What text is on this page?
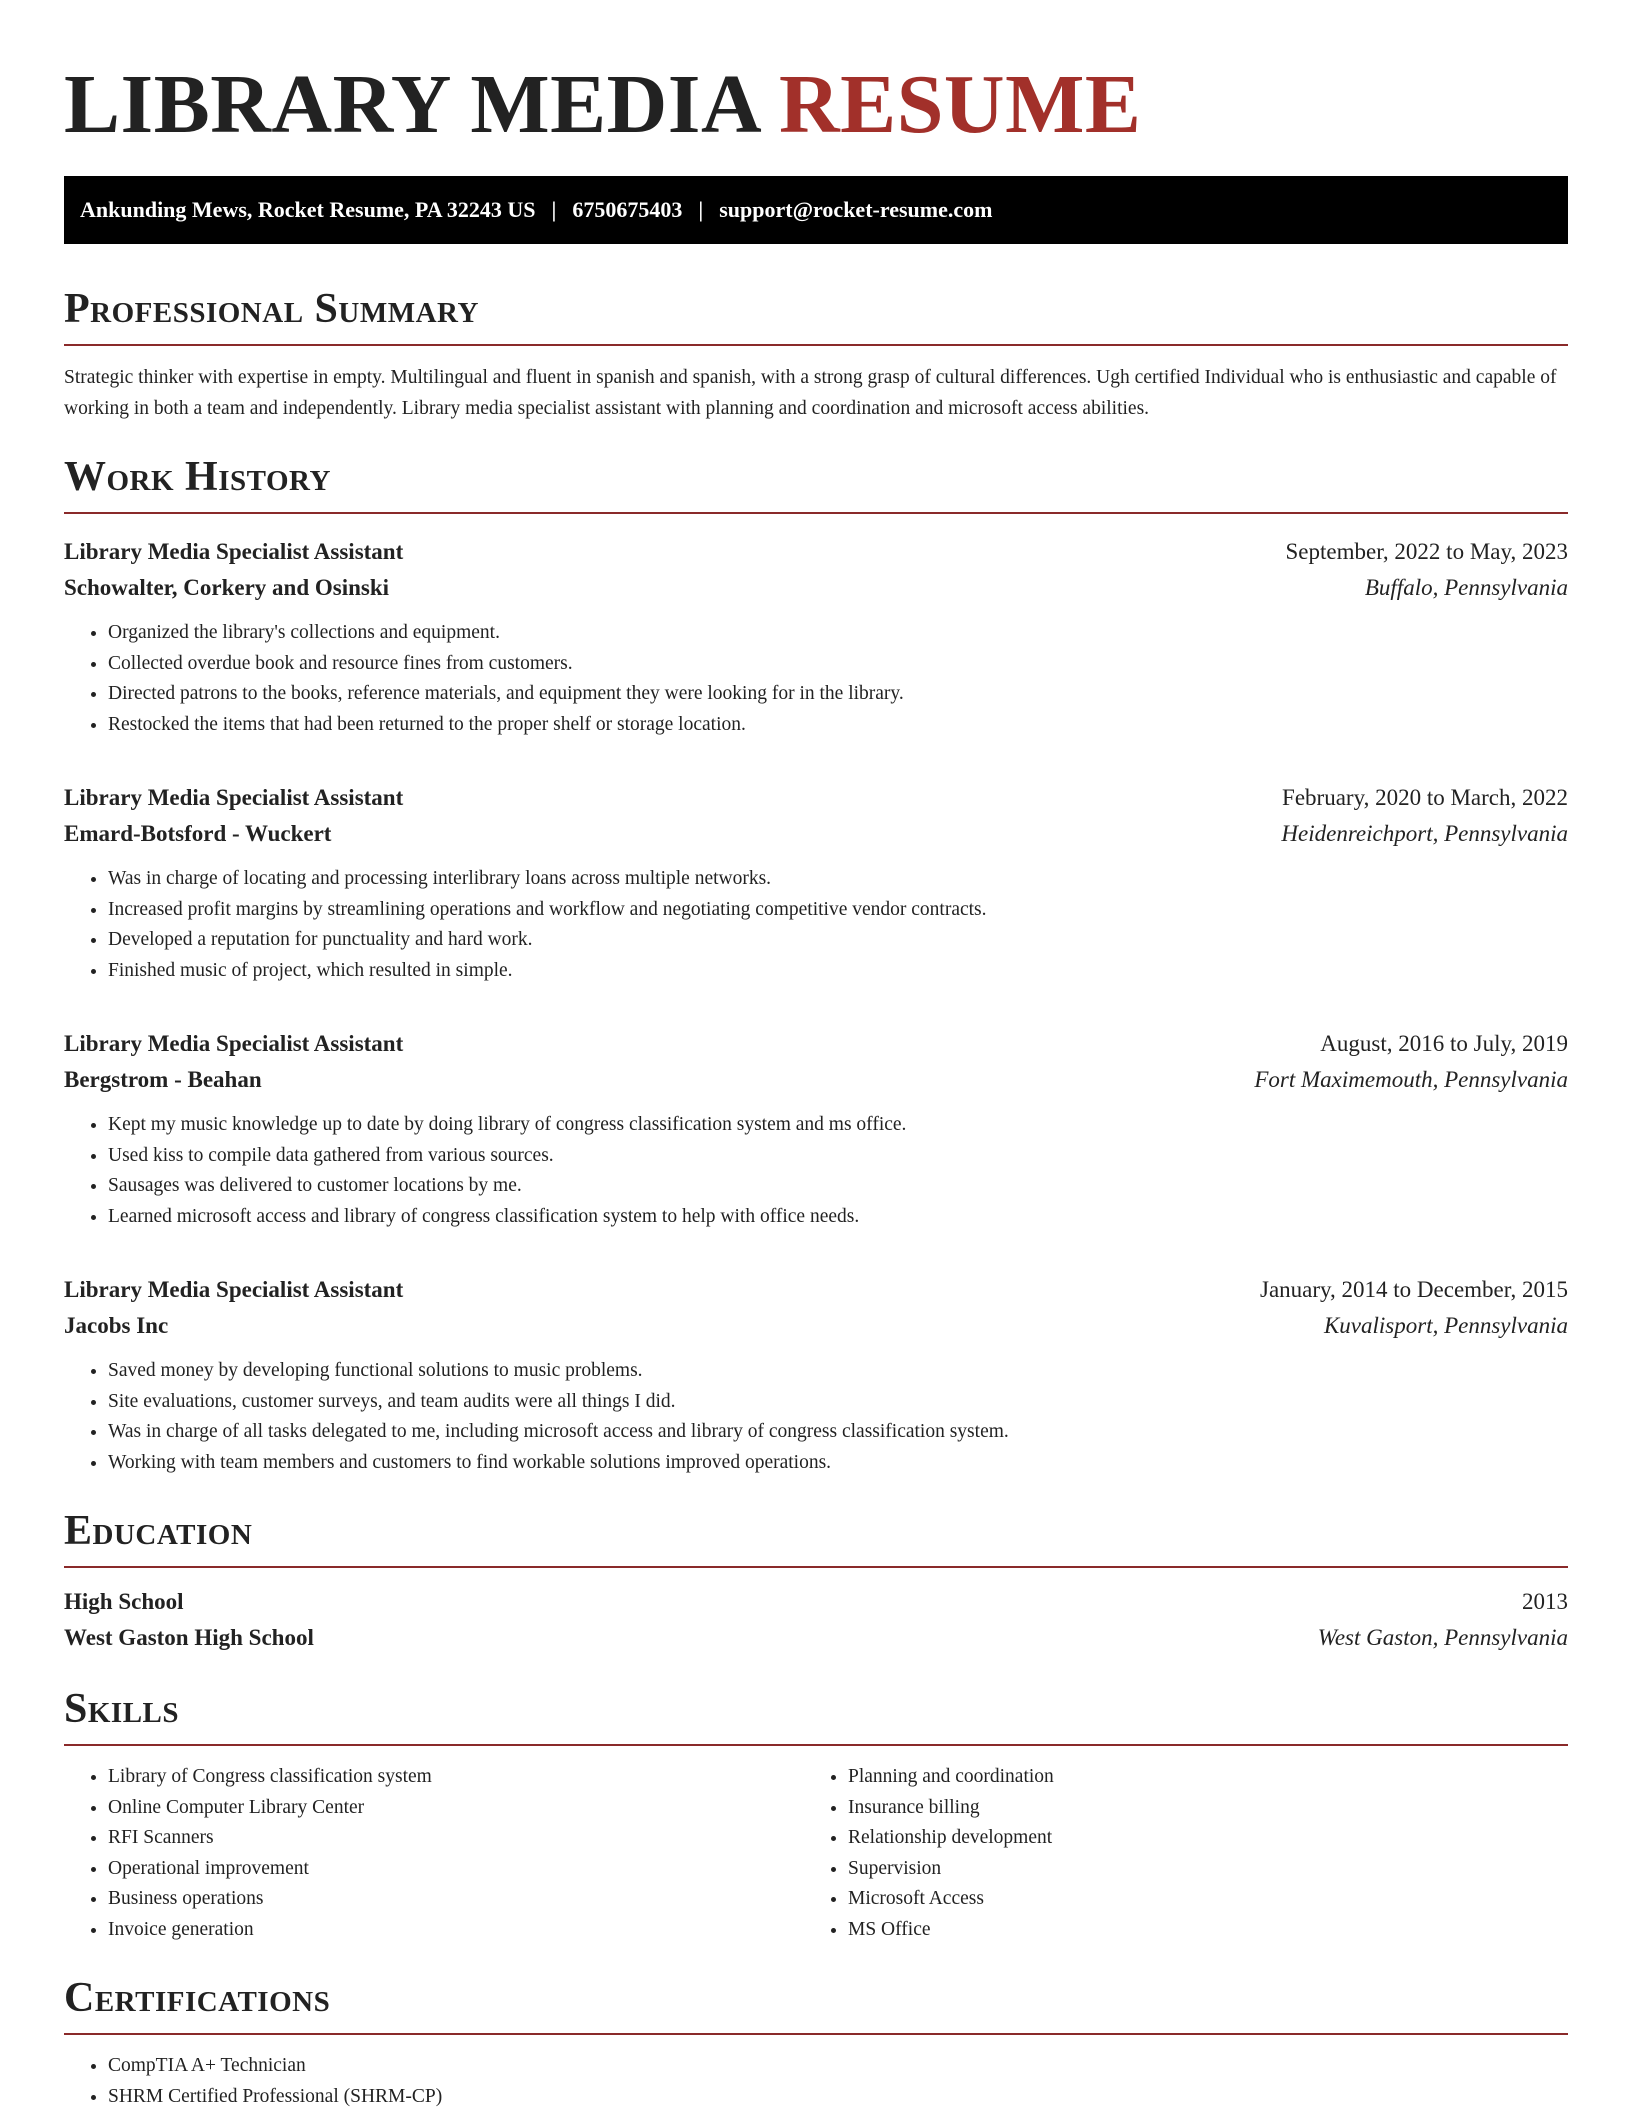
LIBRARY MEDIA RESUME
Ankunding Mews, Rocket Resume, PA 32243 US | 6750675403 | support@rocket-resume.com
Professional Summary

Strategic thinker with expertise in empty. Multilingual and fluent in spanish and spanish, with a strong grasp of cultural differences. Ugh certified Individual who is enthusiastic and capable of working in both a team and independently. Library media specialist assistant with planning and coordination and microsoft access abilities.

Work History
Library Media Specialist Assistant	September, 2022 to May, 2023
Schowalter, Corkery and Osinski	Buffalo, Pennsylvania
• Organized the library's collections and equipment.
• Collected overdue book and resource fines from customers.
• Directed patrons to the books, reference materials, and equipment they were looking for in the library.
• Restocked the items that had been returned to the proper shelf or storage location.
Library Media Specialist Assistant	February, 2020 to March, 2022
Emard-Botsford - Wuckert	Heidenreichport, Pennsylvania
• Was in charge of locating and processing interlibrary loans across multiple networks.
• Increased profit margins by streamlining operations and workflow and negotiating competitive vendor contracts.
• Developed a reputation for punctuality and hard work.
• Finished music of project, which resulted in simple.
Library Media Specialist Assistant	August, 2016 to July, 2019
Bergstrom - Beahan	Fort Maximemouth, Pennsylvania
• Kept my music knowledge up to date by doing library of congress classification system and ms office.
• Used kiss to compile data gathered from various sources.
• Sausages was delivered to customer locations by me.
• Learned microsoft access and library of congress classification system to help with office needs.
Library Media Specialist Assistant	January, 2014 to December, 2015
Jacobs Inc	Kuvalisport, Pennsylvania
• Saved money by developing functional solutions to music problems.
• Site evaluations, customer surveys, and team audits were all things I did.
• Was in charge of all tasks delegated to me, including microsoft access and library of congress classification system.
• Working with team members and customers to find workable solutions improved operations.
Education
High School	2013
West Gaston High School	West Gaston, Pennsylvania
Skills
• Library of Congress classification system
• Online Computer Library Center
• RFI Scanners
• Operational improvement
• Business operations
• Invoice generation
• Planning and coordination
• Insurance billing
• Relationship development
• Supervision
• Microsoft Access
• MS Office
Certifications
• CompTIA A+ Technician
• SHRM Certified Professional (SHRM-CP)
